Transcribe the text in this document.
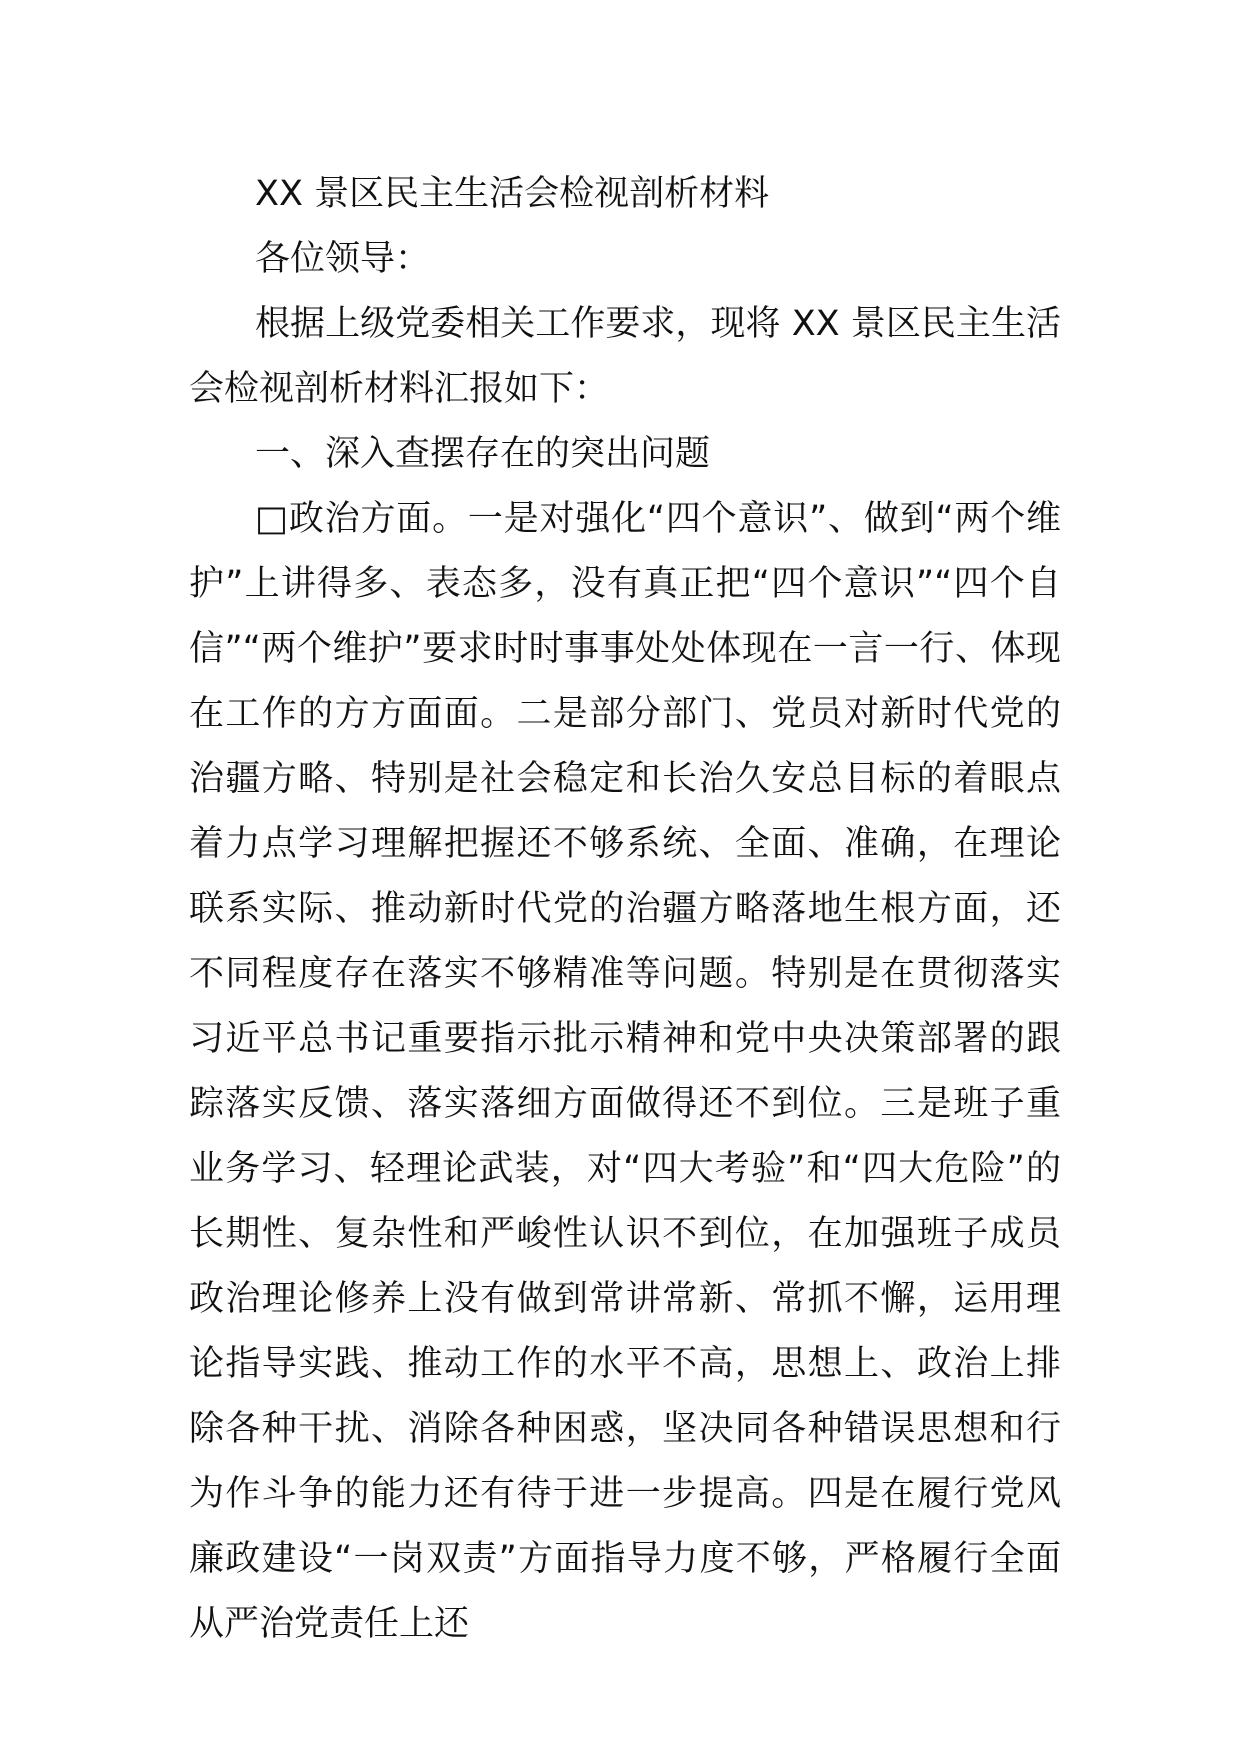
XX 景区民主生活会检视剖析材料

各位领导：

根据上级党委相关工作要求，现将 XX 景区民主生活会检视剖析材料汇报如下：

一、深入查摆存在的突出问题

□政治方面。一是对强化“四个意识”、做到“两个维护”上讲得多、表态多，没有真正把“四个意识”“四个自信”“两个维护”要求时时事事处处体现在一言一行、体现在工作的方方面面。二是部分部门、党员对新时代党的治疆方略、特别是社会稳定和长治久安总目标的着眼点着力点学习理解把握还不够系统、全面、准确，在理论联系实际、推动新时代党的治疆方略落地生根方面，还不同程度存在落实不够精准等问题。特别是在贯彻落实习近平总书记重要指示批示精神和党中央决策部署的跟踪落实反馈、落实落细方面做得还不到位。三是班子重业务学习、轻理论武装，对“四大考验”和“四大危险”的长期性、复杂性和严峻性认识不到位，在加强班子成员政治理论修养上没有做到常讲常新、常抓不懈，运用理论指导实践、推动工作的水平不高，思想上、政治上排除各种干扰、消除各种困惑，坚决同各种错误思想和行为作斗争的能力还有待于进一步提高。四是在履行党风廉政建设“一岗双责”方面指导力度不够，严格履行全面从严治党责任上还
